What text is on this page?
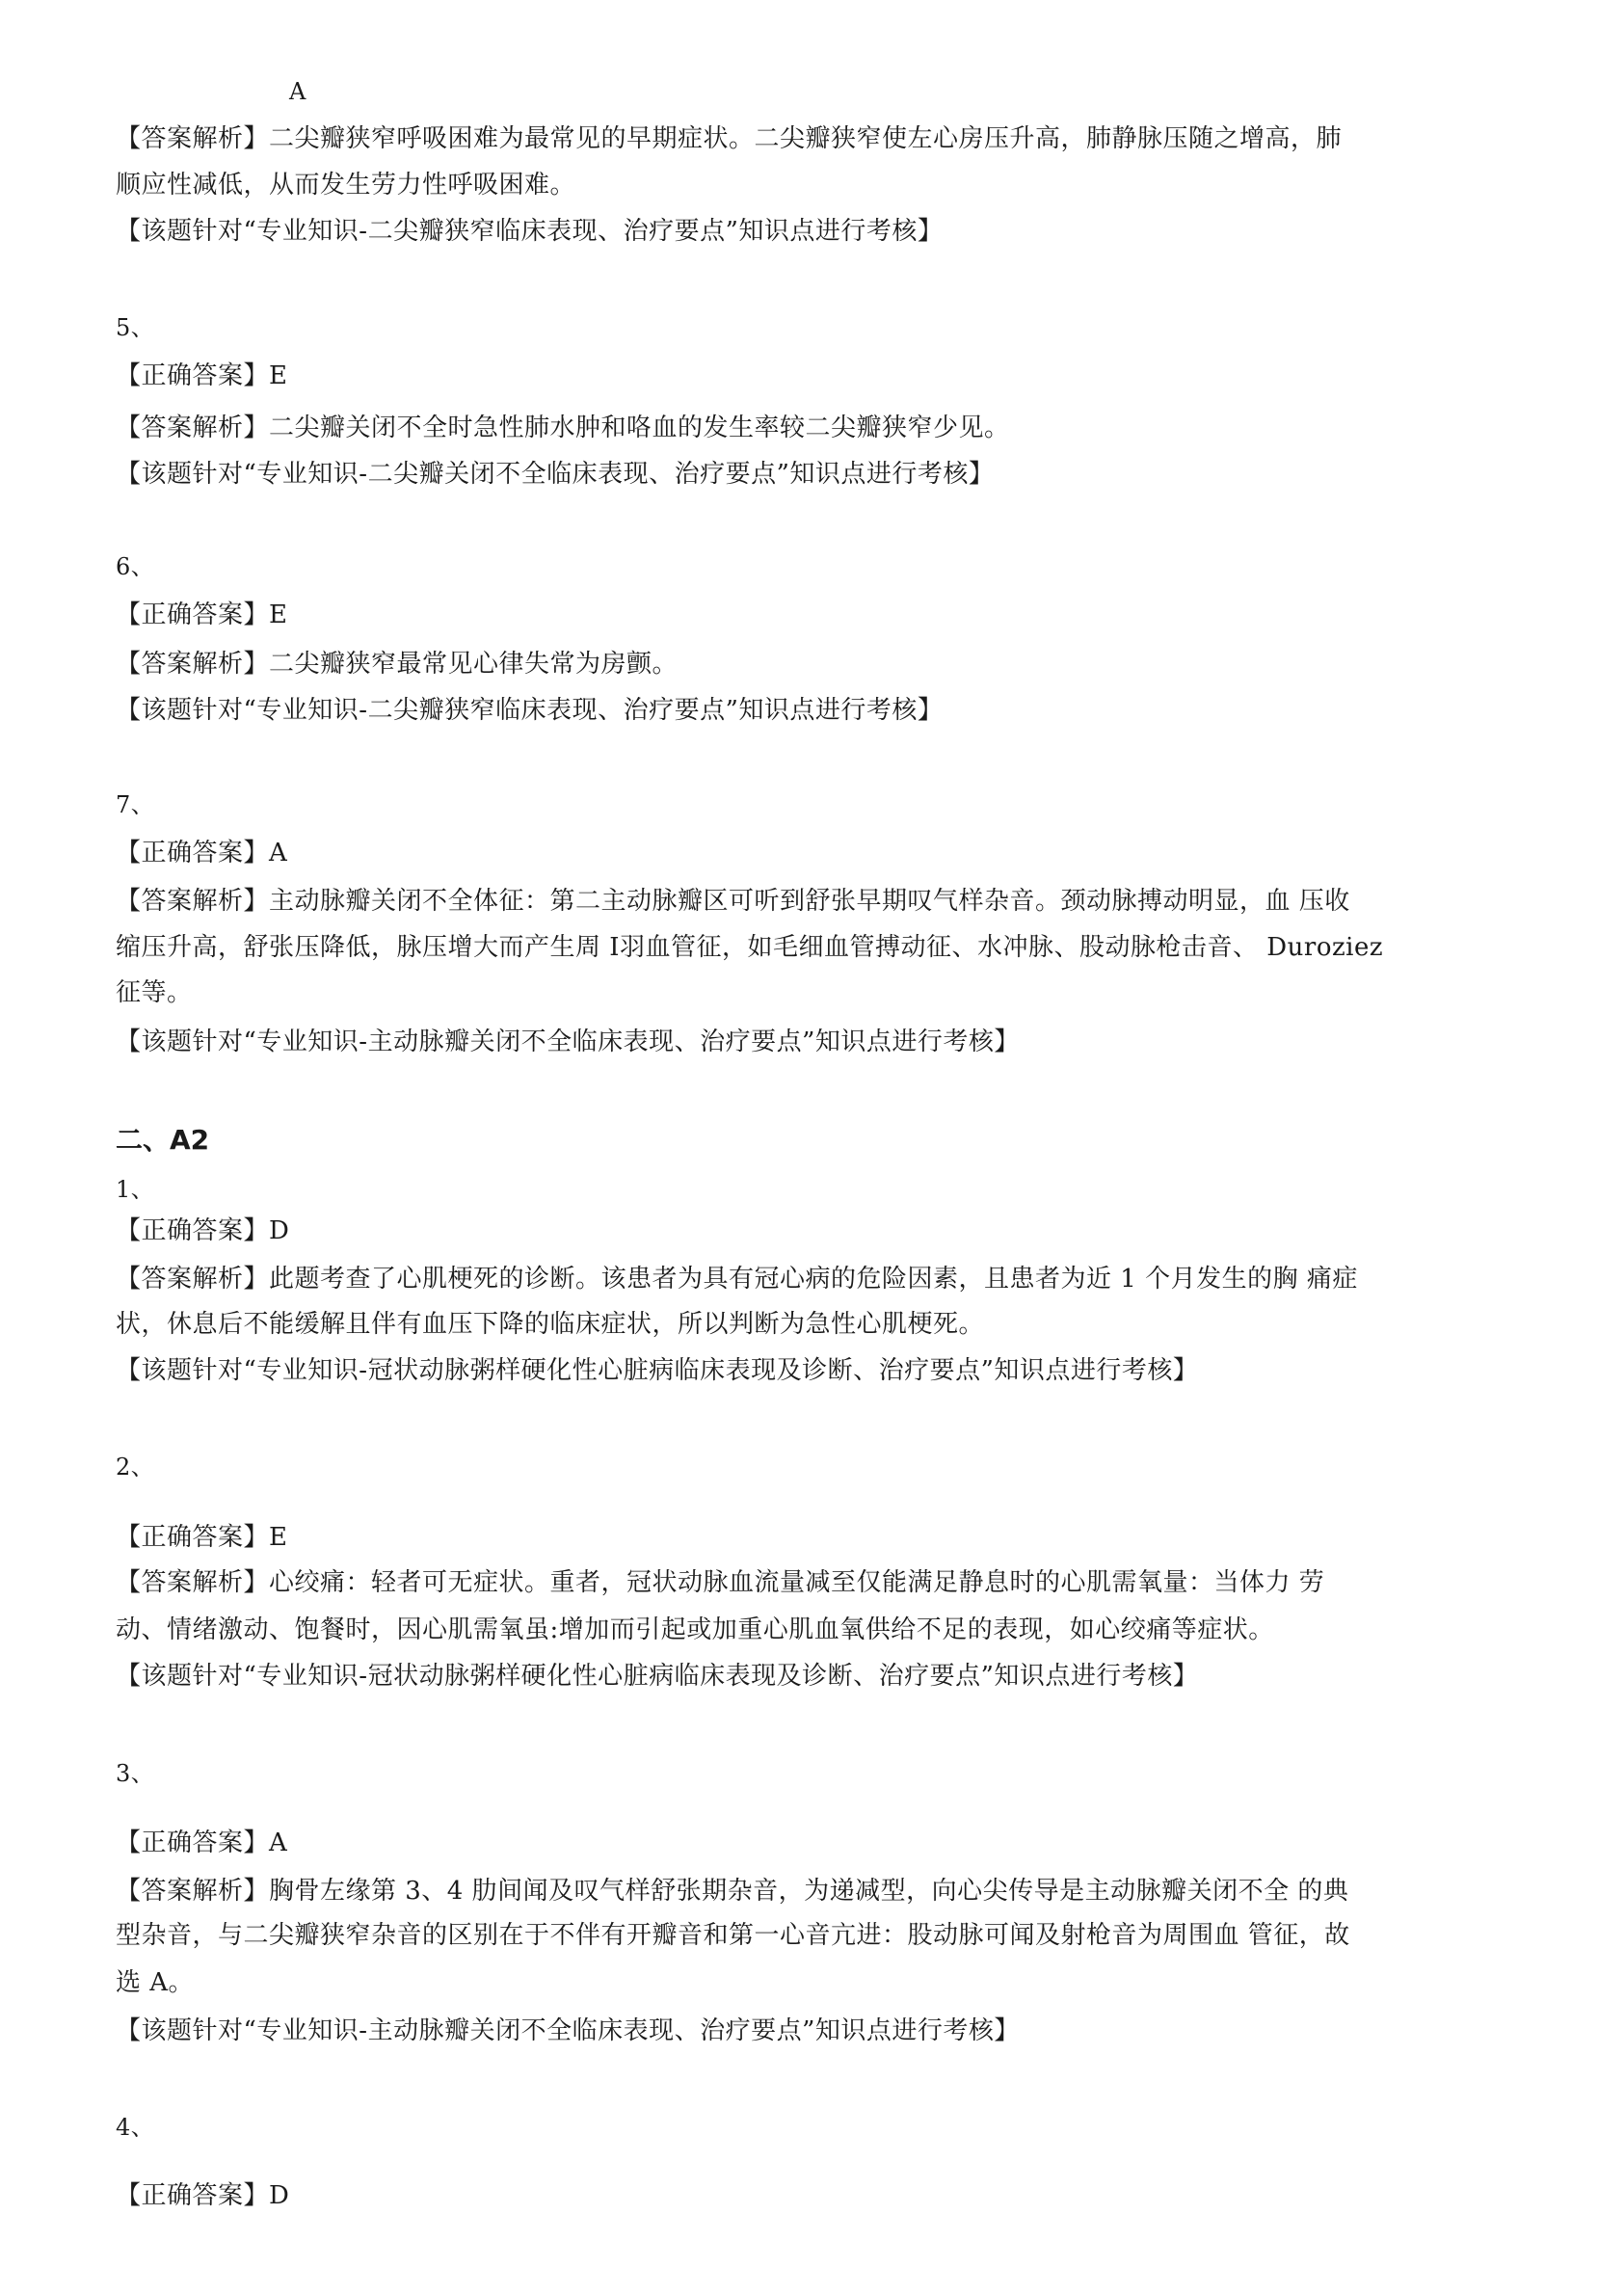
A
【答案解析】二尖瓣狭窄呼吸困难为最常见的早期症状。二尖瓣狭窄使左心房压升高，肺静脉压随之增高，肺
顺应性减低，从而发生劳力性呼吸困难。
【该题针对“专业知识-二尖瓣狭窄临床表现、治疗要点”知识点进行考核】
5、
【正确答案】E
【答案解析】二尖瓣关闭不全时急性肺水肿和咯血的发生率较二尖瓣狭窄少见。
【该题针对“专业知识-二尖瓣关闭不全临床表现、治疗要点”知识点进行考核】
6、
【正确答案】E
【答案解析】二尖瓣狭窄最常见心律失常为房颤。
【该题针对“专业知识-二尖瓣狭窄临床表现、治疗要点”知识点进行考核】
7、
【正确答案】A
【答案解析】主动脉瓣关闭不全体征：第二主动脉瓣区可听到舒张早期叹气样杂音。颈动脉搏动明显，血 压收
缩压升高，舒张压降低，脉压增大而产生周 I羽血管征，如毛细血管搏动征、水冲脉、股动脉枪击音、 Duroziez
征等。
【该题针对“专业知识-主动脉瓣关闭不全临床表现、治疗要点”知识点进行考核】
二、A2
1、
【正确答案】D
【答案解析】此题考查了心肌梗死的诊断。该患者为具有冠心病的危险因素，且患者为近 1 个月发生的胸 痛症
状，休息后不能缓解且伴有血压下降的临床症状，所以判断为急性心肌梗死。
【该题针对“专业知识-冠状动脉粥样硬化性心脏病临床表现及诊断、治疗要点”知识点进行考核】
2、
【正确答案】E
【答案解析】心绞痛：轻者可无症状。重者，冠状动脉血流量减至仅能满足静息时的心肌需氧量：当体力 劳
动、情绪激动、饱餐时，因心肌需氧虽:增加而引起或加重心肌血氧供给不足的表现，如心绞痛等症状。
【该题针对“专业知识-冠状动脉粥样硬化性心脏病临床表现及诊断、治疗要点”知识点进行考核】
3、
【正确答案】A
【答案解析】胸骨左缘第 3、4 肋间闻及叹气样舒张期杂音，为递减型，向心尖传导是主动脉瓣关闭不全 的典
型杂音，与二尖瓣狭窄杂音的区别在于不伴有开瓣音和第一心音亢进：股动脉可闻及射枪音为周围血 管征，故
选 A。
【该题针对“专业知识-主动脉瓣关闭不全临床表现、治疗要点”知识点进行考核】
4、
【正确答案】D
